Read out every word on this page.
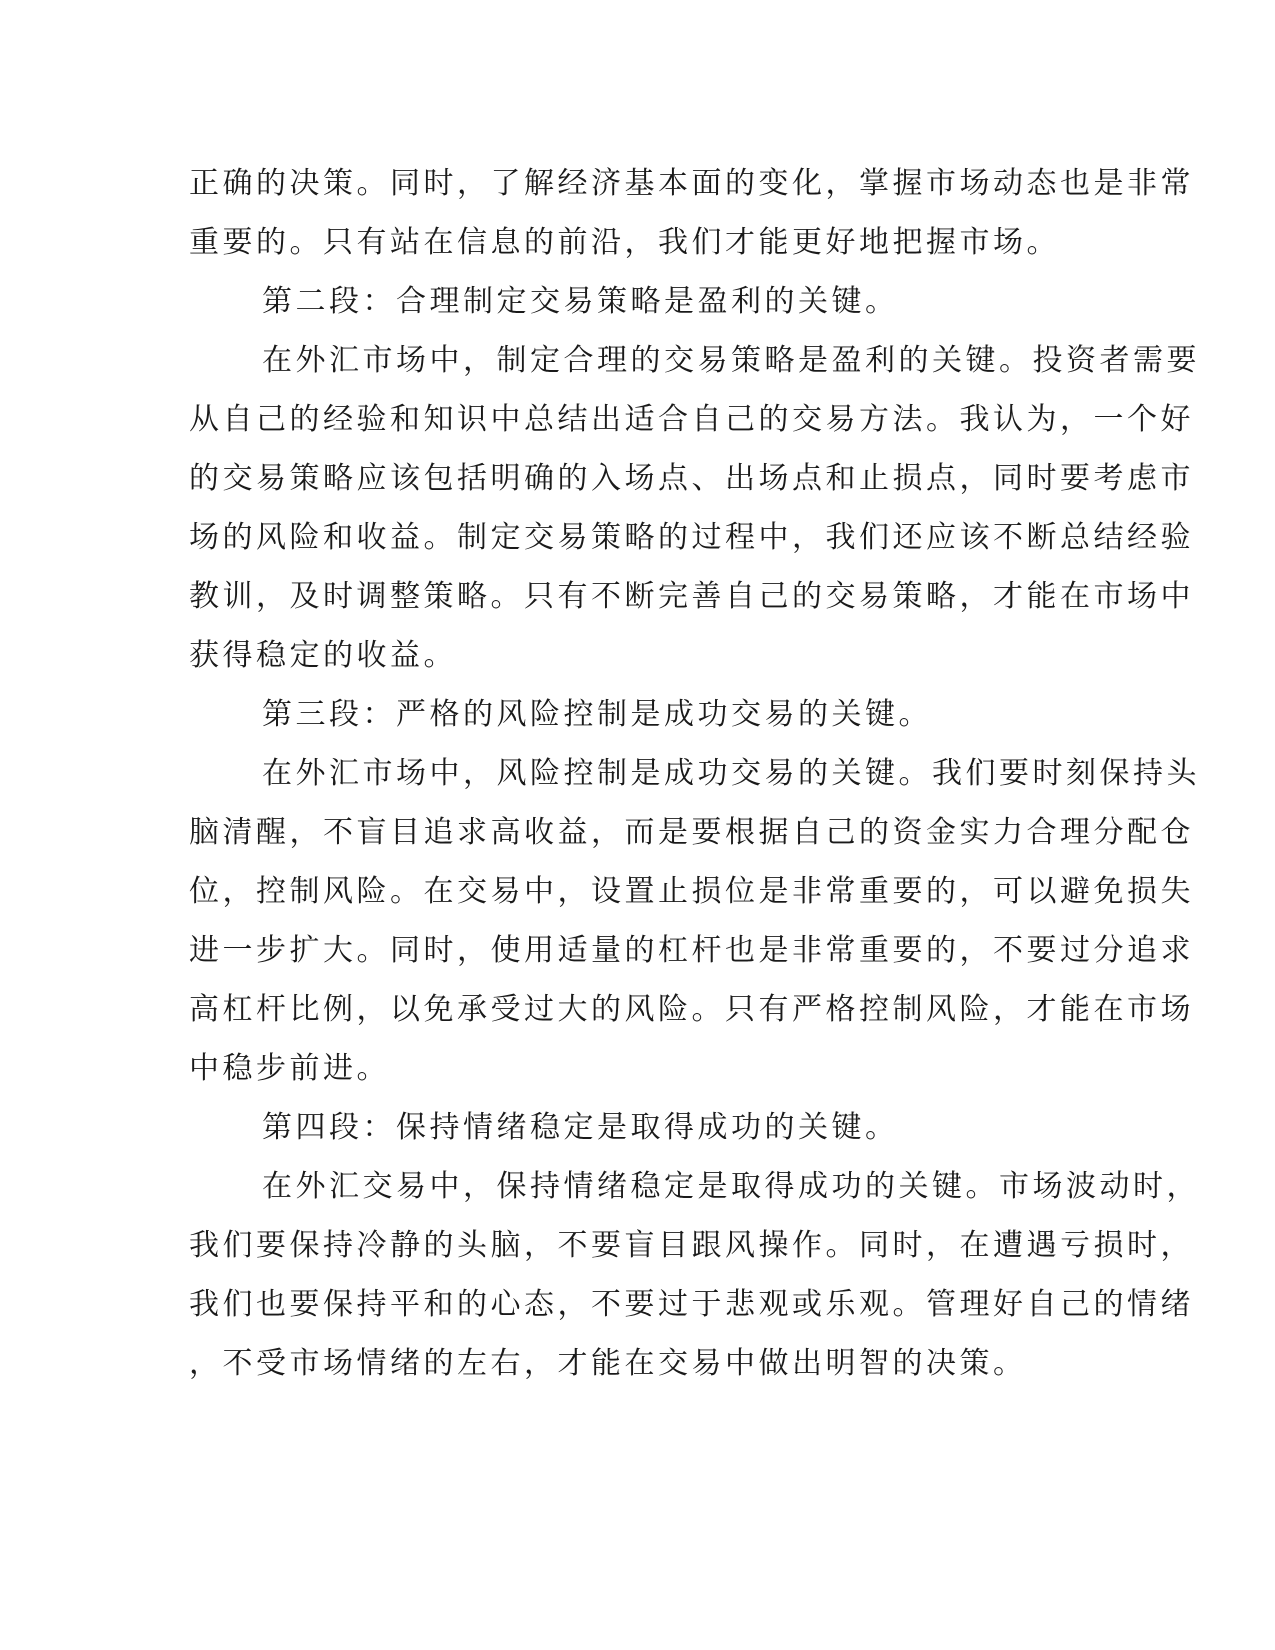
正确的决策。同时，了解经济基本面的变化，掌握市场动态也是非常
重要的。只有站在信息的前沿，我们才能更好地把握市场。
第二段：合理制定交易策略是盈利的关键。
在外汇市场中，制定合理的交易策略是盈利的关键。投资者需要
从自己的经验和知识中总结出适合自己的交易方法。我认为，一个好
的交易策略应该包括明确的入场点、出场点和止损点，同时要考虑市
场的风险和收益。制定交易策略的过程中，我们还应该不断总结经验
教训，及时调整策略。只有不断完善自己的交易策略，才能在市场中
获得稳定的收益。
第三段：严格的风险控制是成功交易的关键。
在外汇市场中，风险控制是成功交易的关键。我们要时刻保持头
脑清醒，不盲目追求高收益，而是要根据自己的资金实力合理分配仓
位，控制风险。在交易中，设置止损位是非常重要的，可以避免损失
进一步扩大。同时，使用适量的杠杆也是非常重要的，不要过分追求
高杠杆比例，以免承受过大的风险。只有严格控制风险，才能在市场
中稳步前进。
第四段：保持情绪稳定是取得成功的关键。
在外汇交易中，保持情绪稳定是取得成功的关键。市场波动时，
我们要保持冷静的头脑，不要盲目跟风操作。同时，在遭遇亏损时，
我们也要保持平和的心态，不要过于悲观或乐观。管理好自己的情绪
，不受市场情绪的左右，才能在交易中做出明智的决策。
